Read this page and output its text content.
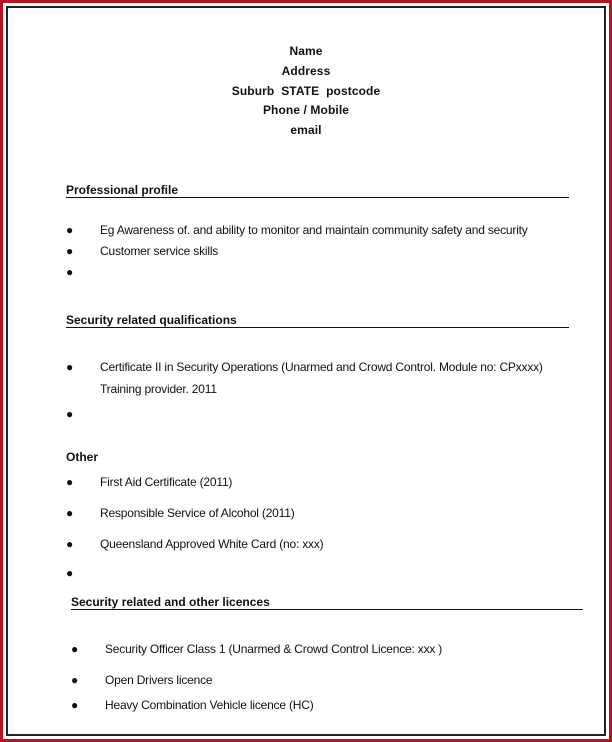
Name
Address
Suburb  STATE  postcode
Phone / Mobile
email
Professional profile
● Eg Awareness of. and ability to monitor and maintain community safety and security
● Customer service skills
●
Security related qualifications
● Certificate II in Security Operations (Unarmed and Crowd Control. Module no: CPxxxx)
Training provider. 2011
●
Other
● First Aid Certificate (2011)
● Responsible Service of Alcohol (2011)
● Queensland Approved White Card (no: xxx)
●
Security related and other licences
● Security Officer Class 1 (Unarmed & Crowd Control Licence: xxx )
● Open Drivers licence
● Heavy Combination Vehicle licence (HC)
